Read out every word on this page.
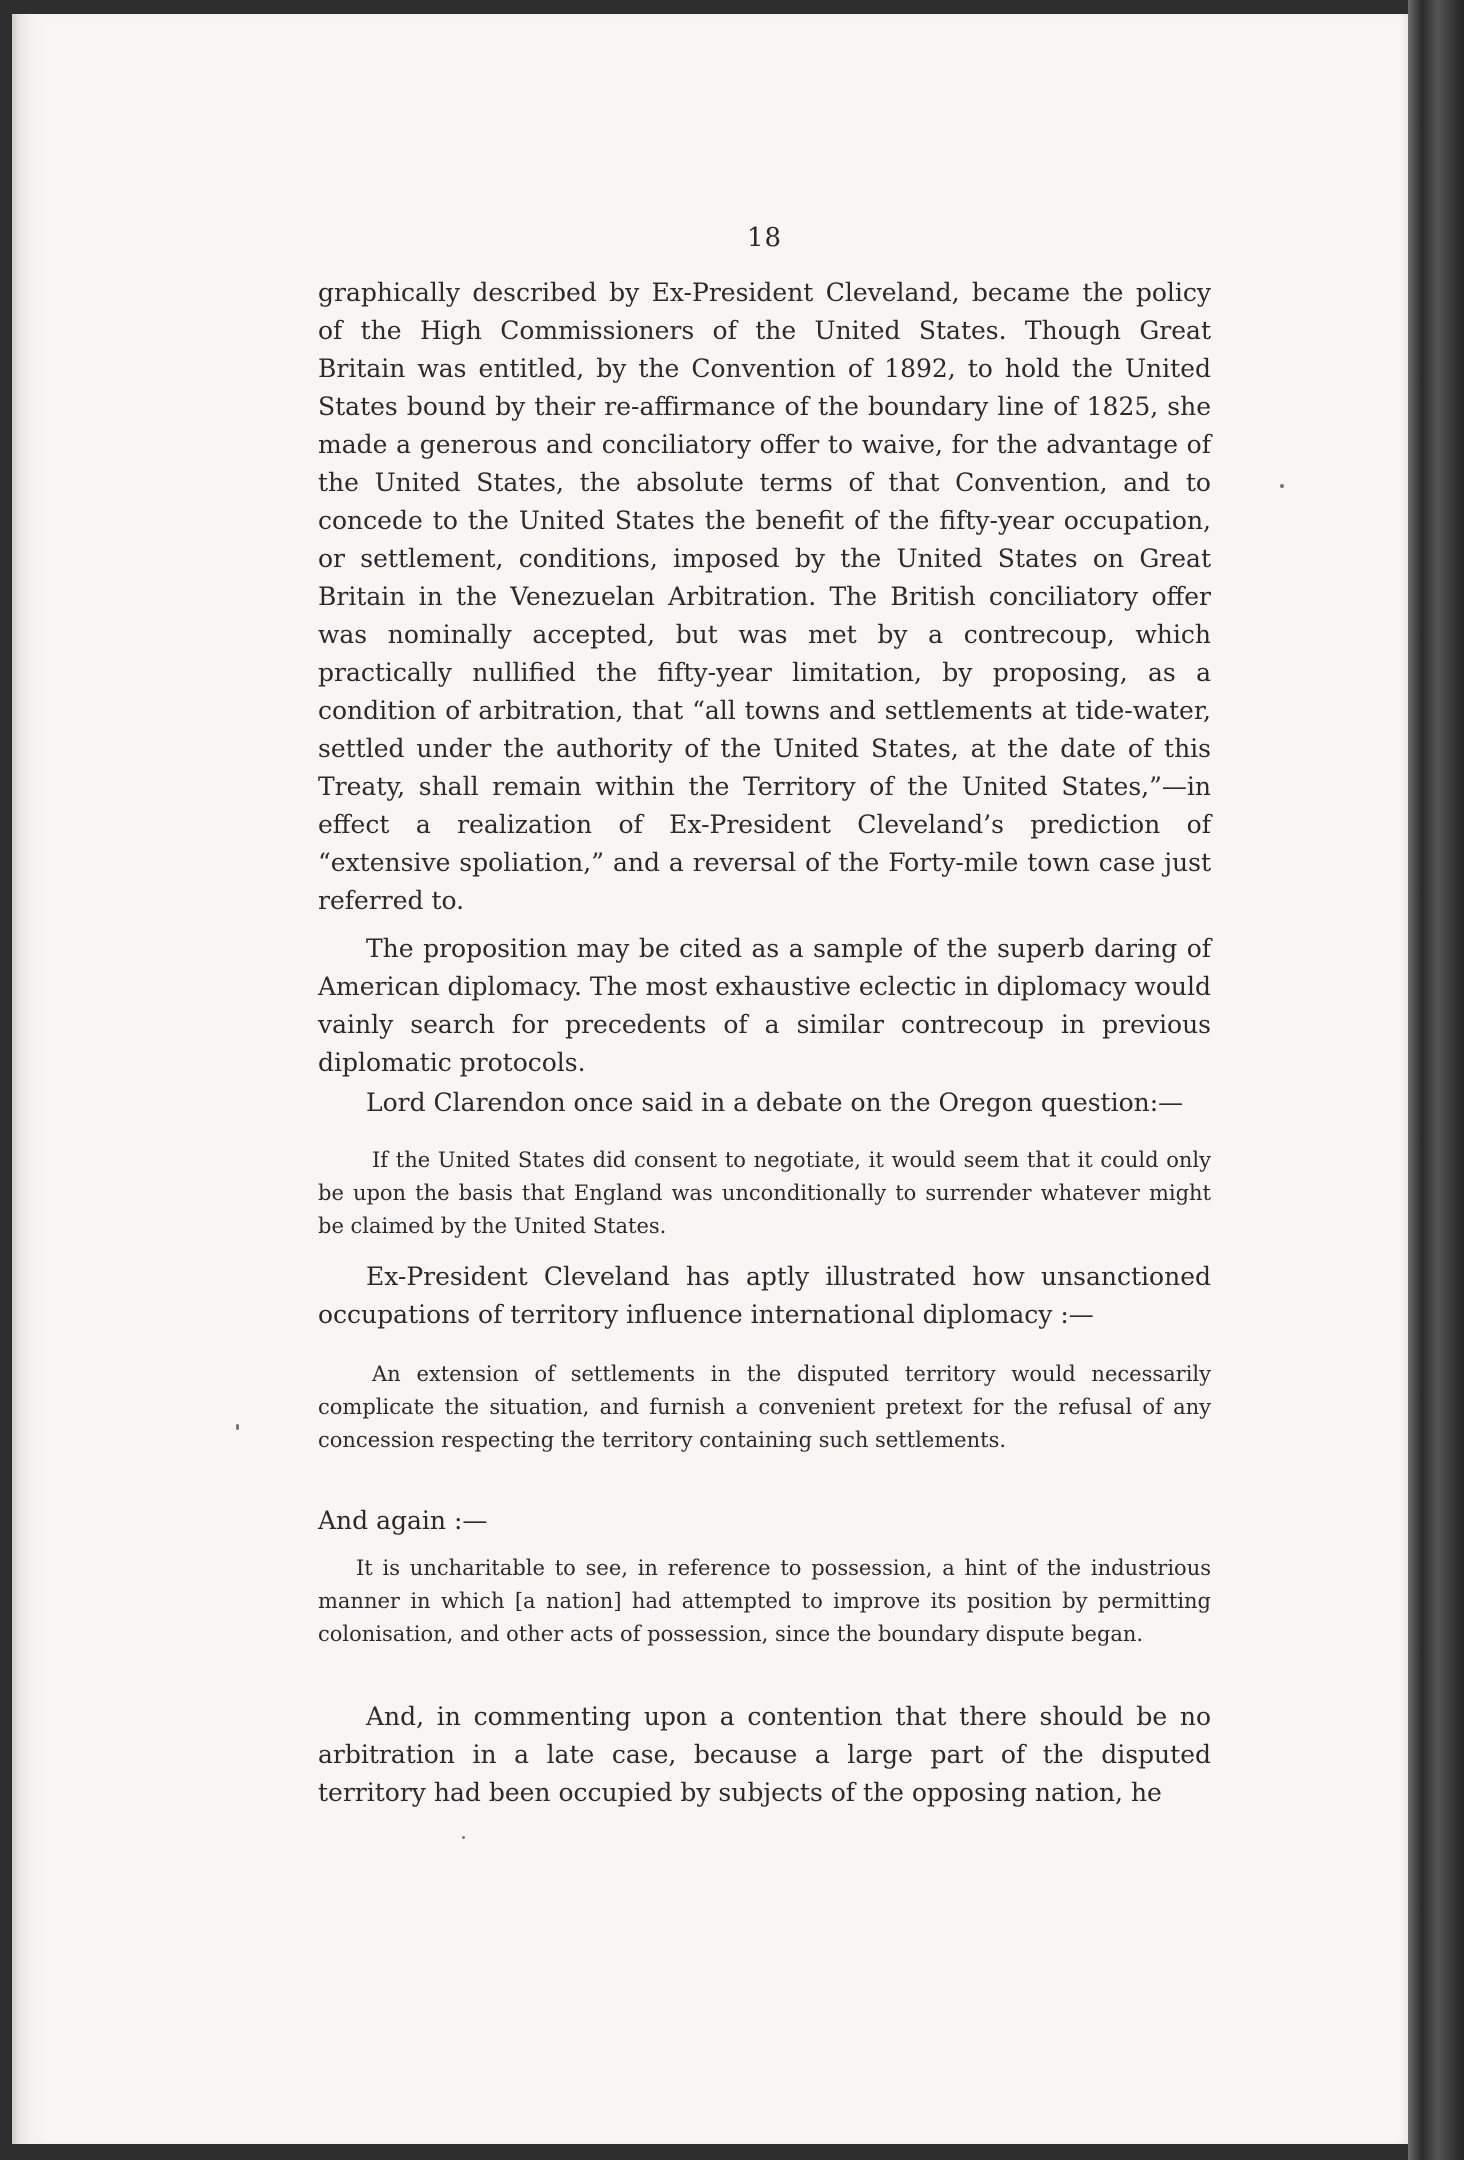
18

graphically described by Ex-President Cleveland, became the policy of the High Commissioners of the United States. Though Great Britain was entitled, by the Convention of 1892, to hold the United States bound by their re-affirmance of the boundary line of 1825, she made a generous and conciliatory offer to waive, for the advantage of the United States, the absolute terms of that Convention, and to concede to the United States the benefit of the fifty-year occupation, or settlement, conditions, imposed by the United States on Great Britain in the Venezuelan Arbitration. The British conciliatory offer was nominally accepted, but was met by a contrecoup, which practically nullified the fifty-year limitation, by proposing, as a condition of arbitration, that “all towns and settlements at tide-water, settled under the authority of the United States, at the date of this Treaty, shall remain within the Territory of the United States,”—in effect a realization of Ex-President Cleveland’s prediction of “extensive spoliation,” and a reversal of the Forty-mile town case just referred to.

The proposition may be cited as a sample of the superb daring of American diplomacy. The most exhaustive eclectic in diplomacy would vainly search for precedents of a similar contrecoup in previous diplomatic protocols.

Lord Clarendon once said in a debate on the Oregon question:—

If the United States did consent to negotiate, it would seem that it could only be upon the basis that England was unconditionally to surrender whatever might be claimed by the United States.

Ex-President Cleveland has aptly illustrated how unsanctioned occupations of territory influence international diplomacy :—

An extension of settlements in the disputed territory would necessarily complicate the situation, and furnish a convenient pretext for the refusal of any concession respecting the territory containing such settlements.

And again :—

It is uncharitable to see, in reference to possession, a hint of the industrious manner in which [a nation] had attempted to improve its position by permitting colonisation, and other acts of possession, since the boundary dispute began.

And, in commenting upon a contention that there should be no arbitration in a late case, because a large part of the disputed territory had been occupied by subjects of the opposing nation, he
